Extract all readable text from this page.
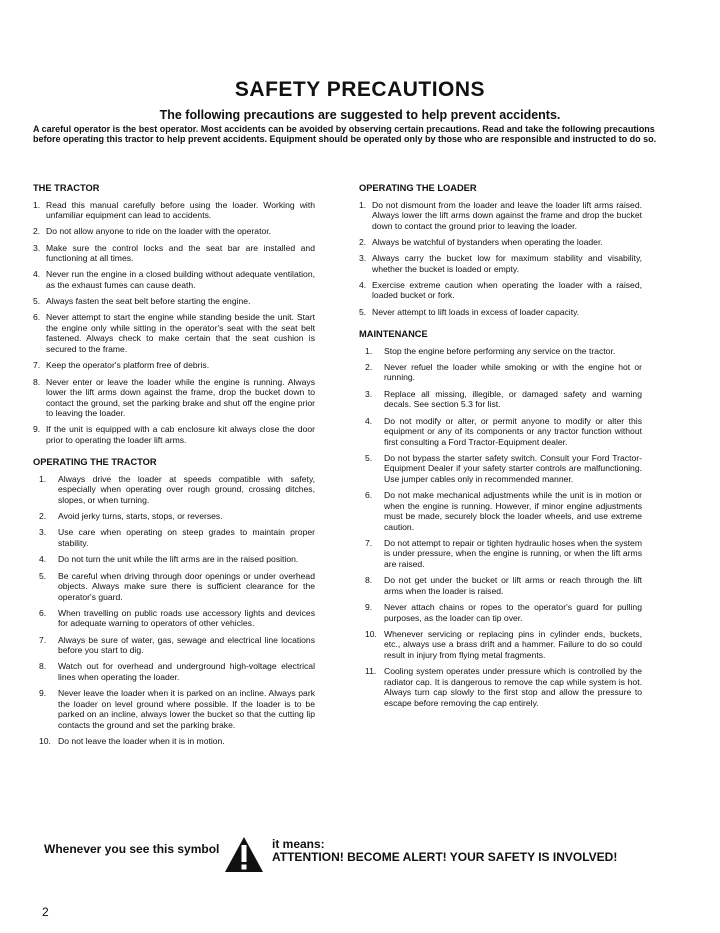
SAFETY PRECAUTIONS
The following precautions are suggested to help prevent accidents.
A careful operator is the best operator. Most accidents can be avoided by observing certain precautions. Read and take the following precautions before operating this tractor to help prevent accidents. Equipment should be operated only by those who are responsible and instructed to do so.
THE TRACTOR
1. Read this manual carefully before using the loader. Working with unfamiliar equipment can lead to accidents.
2. Do not allow anyone to ride on the loader with the operator.
3. Make sure the control locks and the seat bar are installed and functioning at all times.
4. Never run the engine in a closed building without adequate ventilation, as the exhaust fumes can cause death.
5. Always fasten the seat belt before starting the engine.
6. Never attempt to start the engine while standing beside the unit. Start the engine only while sitting in the operator's seat with the seat belt fastened. Always check to make certain that the seat cushion is secured to the frame.
7. Keep the operator's platform free of debris.
8. Never enter or leave the loader while the engine is running. Always lower the lift arms down against the frame, drop the bucket down to contact the ground, set the parking brake and shut off the engine prior to leaving the loader.
9. If the unit is equipped with a cab enclosure kit always close the door prior to operating the loader lift arms.
OPERATING THE TRACTOR
1.	Always drive the loader at speeds compatible with safety, especially when operating over rough ground, crossing ditches, slopes, or when turning.
2.	Avoid jerky turns, starts, stops, or reverses.
3.	Use care when operating on steep grades to maintain proper stability.
4.	Do not turn the unit while the lift arms are in the raised position.
5.	Be careful when driving through door openings or under overhead objects. Always make sure there is sufficient clearance for the operator's guard.
6.	When travelling on public roads use accessory lights and devices for adequate warning to operators of other vehicles.
7.	Always be sure of water, gas, sewage and electrical line locations before you start to dig.
8.	Watch out for overhead and underground high-voltage electrical lines when operating the loader.
9.	Never leave the loader when it is parked on an incline. Always park the loader on level ground where possible. If the loader is to be parked on an incline, always lower the bucket so that the cutting lip contacts the ground and set the parking brake.
10. Do not leave the loader when it is in motion.
OPERATING THE LOADER
1. Do not dismount from the loader and leave the loader lift arms raised. Always lower the lift arms down against the frame and drop the bucket down to contact the ground prior to leaving the loader.
2. Always be watchful of bystanders when operating the loader.
3. Always carry the bucket low for maximum stability and visability, whether the bucket is loaded or empty.
4. Exercise extreme caution when operating the loader with a raised, loaded bucket or fork.
5. Never attempt to lift loads in excess of loader capacity.
MAINTENANCE
1.	Stop the engine before performing any service on the tractor.
2.	Never refuel the loader while smoking or with the engine hot or running.
3.	Replace all missing, illegible, or damaged safety and warning decals. See section 5.3 for list.
4.	Do not modify or alter, or permit anyone to modify or alter this equipment or any of its components or any tractor function without first consulting a Ford Tractor-Equipment dealer.
5.	Do not bypass the starter safety switch. Consult your Ford Tractor-Equipment Dealer if your safety starter controls are malfunctioning. Use jumper cables only in recommended manner.
6.	Do not make mechanical adjustments while the unit is in motion or when the engine is running. However, if minor engine adjustments must be made, securely block the loader wheels, and use extreme caution.
7.	Do not attempt to repair or tighten hydraulic hoses when the system is under pressure, when the engine is running, or when the lift arms are raised.
8.	Do not get under the bucket or lift arms or reach through the lift arms when the loader is raised.
9.	Never attach chains or ropes to the operator's guard for pulling purposes, as the loader can tip over.
10. Whenever servicing or replacing pins in cylinder ends, buckets, etc., always use a brass drift and a hammer. Failure to do so could result in injury from flying metal fragments.
11. Cooling system operates under pressure which is controlled by the radiator cap. It is dangerous to remove the cap while system is hot. Always turn cap slowly to the first stop and allow the pressure to escape before removing the cap entirely.
Whenever you see this symbol	it means:
ATTENTION! BECOME ALERT! YOUR SAFETY IS INVOLVED!
2
